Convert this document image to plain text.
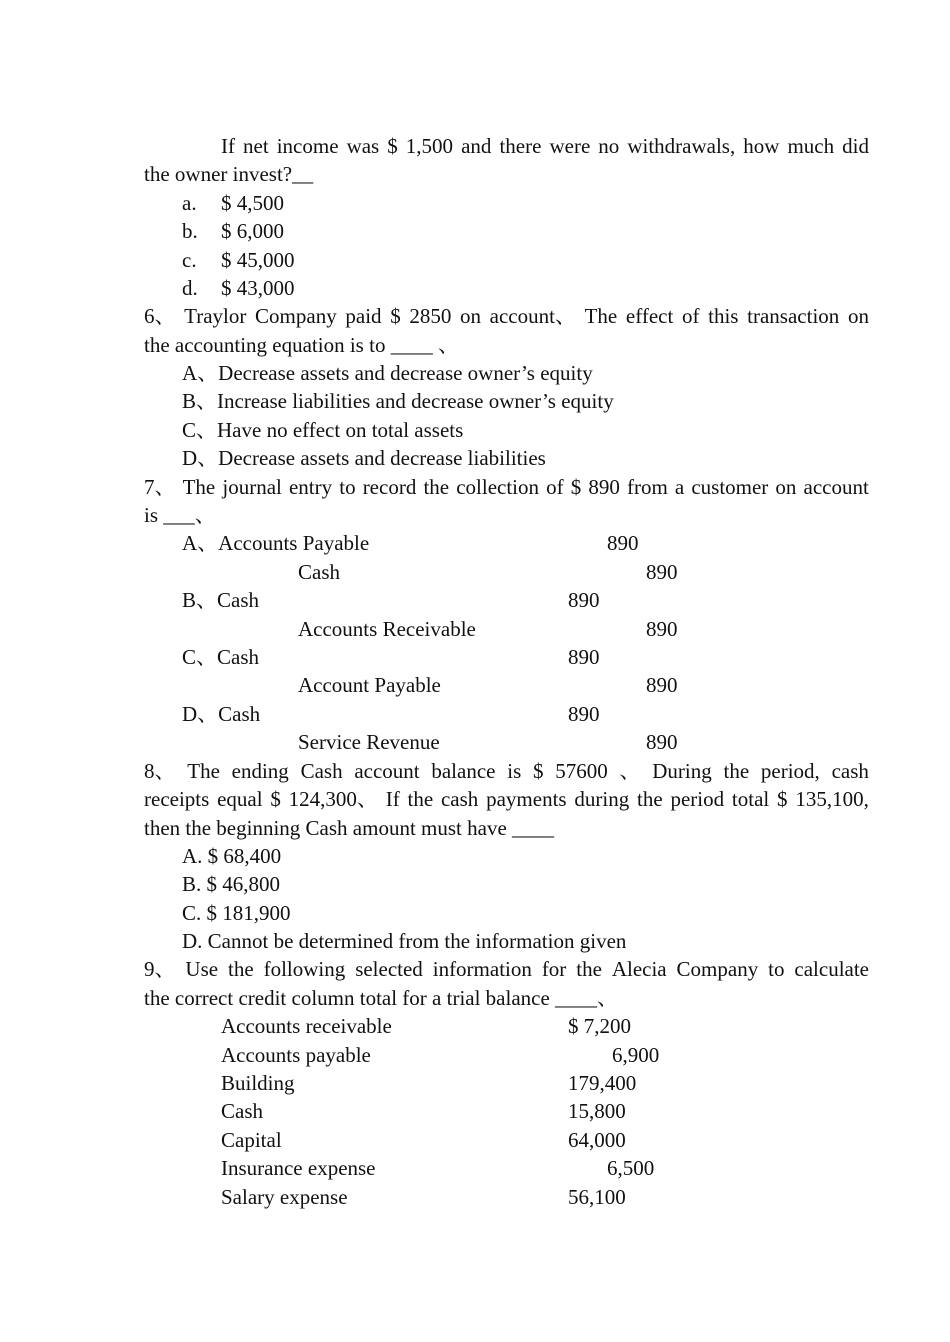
If net income was $ 1,500 and there were no withdrawals, how much did
the owner invest?__
a. $ 4,500
b. $ 6,000
c. $ 45,000
d. $ 43,000
6、 Traylor Company paid $ 2850 on account、 The effect of this transaction on
the accounting equation is to ____ 、
A、Decrease assets and decrease owner’s equity
B、Increase liabilities and decrease owner’s equity
C、Have no effect on total assets
D、Decrease assets and decrease liabilities
7、 The journal entry to record the collection of $ 890 from a customer on account
is ___、
A、Accounts Payable	890
Cash	890
B、Cash	890
Accounts Receivable	890
C、Cash	890
Account Payable	890
D、Cash	890
Service Revenue	890
8、 The ending Cash account balance is $ 57600 、 During the period, cash
receipts equal $ 124,300、 If the cash payments during the period total $ 135,100,
then the beginning Cash amount must have ____
A. $ 68,400
B. $ 46,800
C. $ 181,900
D. Cannot be determined from the information given
9、 Use the following selected information for the Alecia Company to calculate
the correct credit column total for a trial balance ____、
Accounts receivable	$ 7,200
Accounts payable	6,900
Building	179,400
Cash	15,800
Capital	64,000
Insurance expense	6,500
Salary expense	56,100
